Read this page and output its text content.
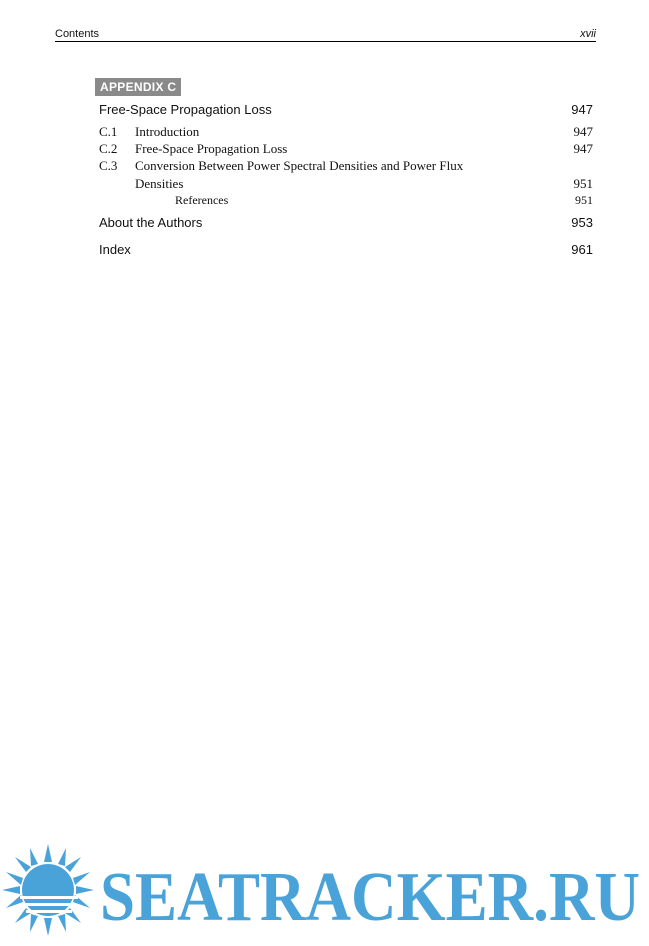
Contents	xvii
APPENDIX C
Free-Space Propagation Loss	947
C.1 Introduction	947
C.2 Free-Space Propagation Loss	947
C.3 Conversion Between Power Spectral Densities and Power Flux
Densities	951
References	951
About the Authors	953
Index	961
SEATRACKER.RU
